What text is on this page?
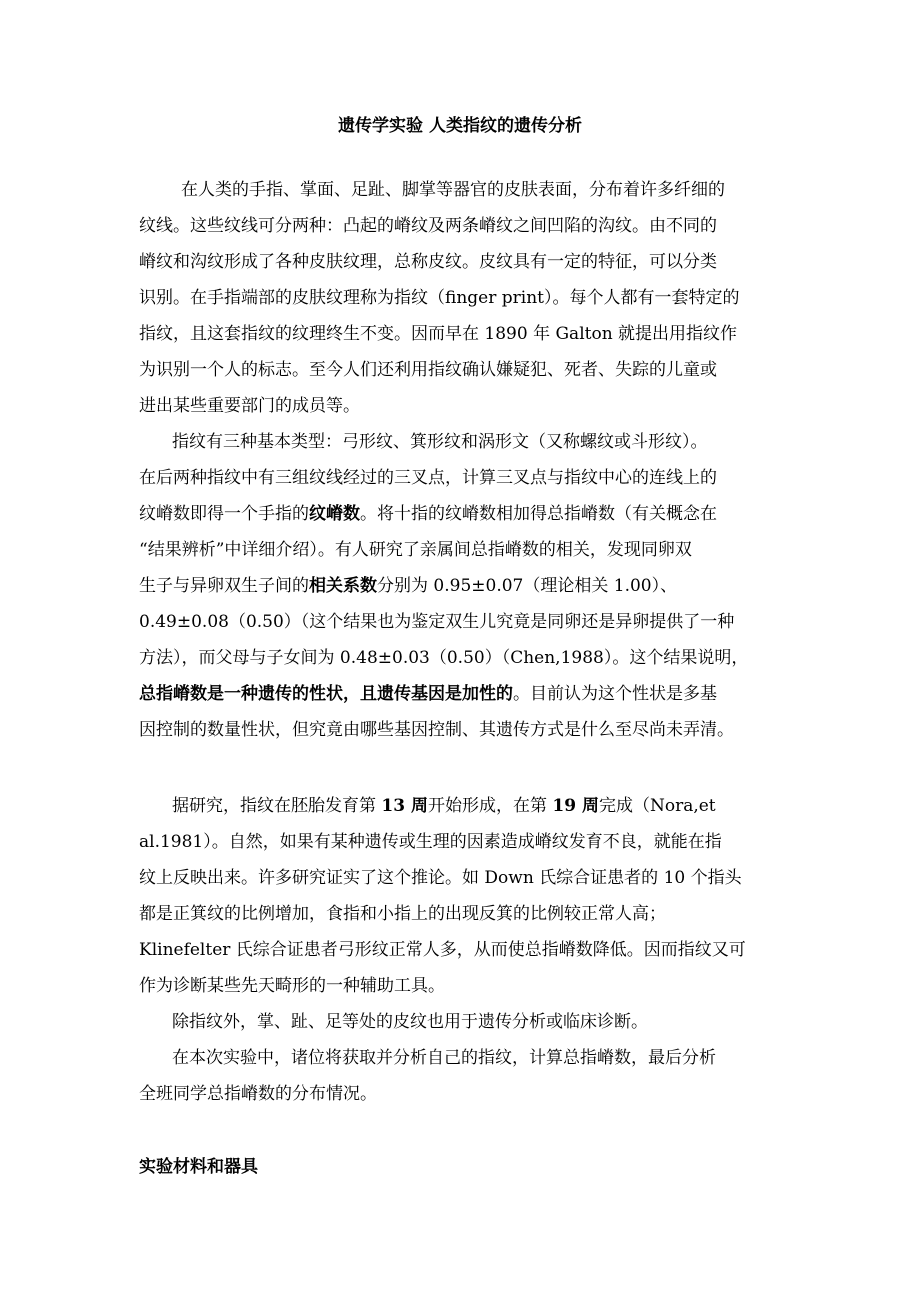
遗传学实验 人类指纹的遗传分析

在人类的手指、掌面、足趾、脚掌等器官的皮肤表面，分布着许多纤细的

纹线。这些纹线可分两种：凸起的嵴纹及两条嵴纹之间凹陷的沟纹。由不同的

嵴纹和沟纹形成了各种皮肤纹理，总称皮纹。皮纹具有一定的特征，可以分类

识别。在手指端部的皮肤纹理称为指纹（finger print）。每个人都有一套特定的

指纹，且这套指纹的纹理终生不变。因而早在 1890 年 Galton 就提出用指纹作

为识别一个人的标志。至今人们还利用指纹确认嫌疑犯、死者、失踪的儿童或

进出某些重要部门的成员等。

指纹有三种基本类型：弓形纹、箕形纹和涡形文（又称螺纹或斗形纹）。

在后两种指纹中有三组纹线经过的三叉点，计算三叉点与指纹中心的连线上的

纹嵴数即得一个手指的纹嵴数。将十指的纹嵴数相加得总指嵴数（有关概念在

“结果辨析”中详细介绍）。有人研究了亲属间总指嵴数的相关，发现同卵双

生子与异卵双生子间的相关系数分别为 0.95±0.07（理论相关 1.00）、

0.49±0.08（0.50）（这个结果也为鉴定双生儿究竟是同卵还是异卵提供了一种

方法），而父母与子女间为 0.48±0.03（0.50）（Chen,1988）。这个结果说明，

总指嵴数是一种遗传的性状，且遗传基因是加性的。目前认为这个性状是多基

因控制的数量性状，但究竟由哪些基因控制、其遗传方式是什么至尽尚未弄清。

据研究，指纹在胚胎发育第 13 周开始形成，在第 19 周完成（Nora,et

al.1981）。自然，如果有某种遗传或生理的因素造成嵴纹发育不良，就能在指

纹上反映出来。许多研究证实了这个推论。如 Down 氏综合证患者的 10 个指头

都是正箕纹的比例增加，食指和小指上的出现反箕的比例较正常人高；

Klinefelter 氏综合证患者弓形纹正常人多，从而使总指嵴数降低。因而指纹又可

作为诊断某些先天畸形的一种辅助工具。

除指纹外，掌、趾、足等处的皮纹也用于遗传分析或临床诊断。

在本次实验中，诸位将获取并分析自己的指纹，计算总指嵴数，最后分析

全班同学总指嵴数的分布情况。

实验材料和器具
